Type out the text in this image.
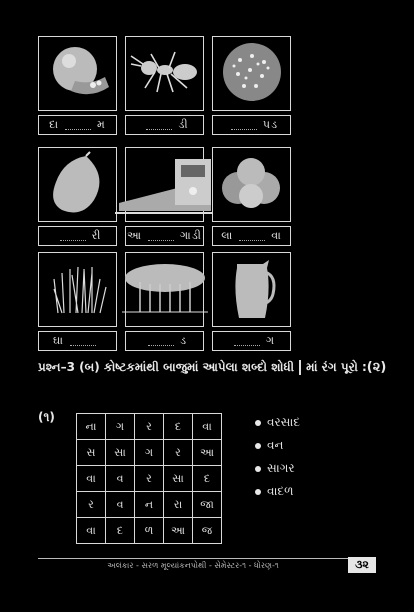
દા	મ	ડી	પડ
રી આ	ગાડી લા	વા
ઘા	ડ	ગ
પ્રશ્ન–3 (બ) કોષ્ટકમાંથી બાજુમાં આપેલા શબ્દો શોધી માં રંગ પૂરો : (૨)
(૧)
ના	ગ	ર	દ	વા
સ	સા	ગ	ર	આ
વા	વ	ર	સા	દ
ર	વ	ન	રા	જા
વા	દ	ળ	આ	જ
વરસાદ
વન
સાગર
વાદળ
અલંકાર - સરળ મૂલ્યાંકનપોથી - સેમેસ્ટર-૧ - ધોરણ-૧	૩૨
